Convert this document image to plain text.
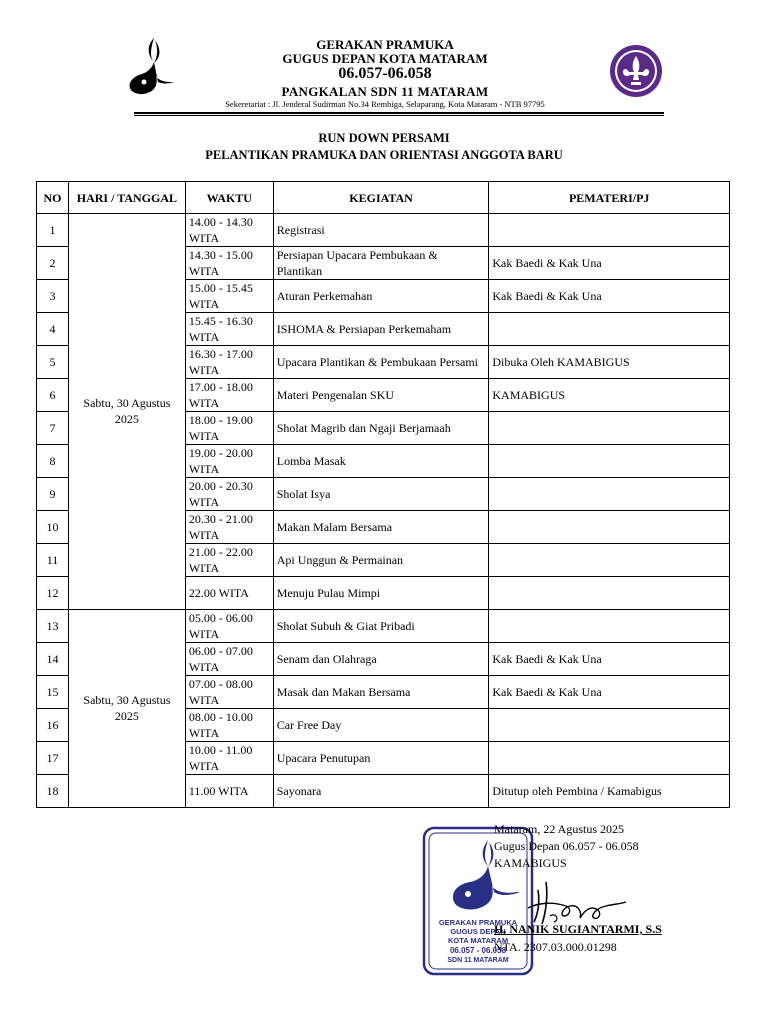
GERAKAN PRAMUKA
GUGUS DEPAN KOTA MATARAM
06.057-06.058
PANGKALAN SDN 11 MATARAM
Sekeretariat : Jl. Jenderal Sudirman No.34 Rembiga, Selaparang, Kota Mataram - NTB 97795
RUN DOWN PERSAMI
PELANTIKAN PRAMUKA DAN ORIENTASI ANGGOTA BARU
NO	HARI / TANGGAL	WAKTU	KEGIATAN	PEMATERI/PJ
1	Sabtu, 30 Agustus 2025	14.00 - 14.30 WITA	Registrasi	
2		14.30 - 15.00 WITA	Persiapan Upacara Pembukaan & Plantikan	Kak Baedi & Kak Una
3		15.00 - 15.45 WITA	Aturan Perkemahan	Kak Baedi & Kak Una
4		15.45 - 16.30 WITA	ISHOMA & Persiapan Perkemaham	
5		16.30 - 17.00 WITA	Upacara Plantikan & Pembukaan Persami	Dibuka Oleh KAMABIGUS
6		17.00 - 18.00 WITA	Materi Pengenalan SKU	KAMABIGUS
7		18.00 - 19.00 WITA	Sholat Magrib dan Ngaji Berjamaah	
8		19.00 - 20.00 WITA	Lomba Masak	
9		20.00 - 20.30 WITA	Sholat Isya	
10		20.30 - 21.00 WITA	Makan Malam Bersama	
11		21.00 - 22.00 WITA	Api Unggun & Permainan	
12		22.00 WITA	Menuju Pulau Mimpi	
13	Sabtu, 30 Agustus 2025	05.00 - 06.00 WITA	Sholat Subuh & Giat Pribadi	
14		06.00 - 07.00 WITA	Senam dan Olahraga	Kak Baedi & Kak Una
15		07.00 - 08.00 WITA	Masak dan Makan Bersama	Kak Baedi & Kak Una
16		08.00 - 10.00 WITA	Car Free Day	
17		10.00 - 11.00 WITA	Upacara Penutupan	
18		11.00 WITA	Sayonara	Ditutup oleh Pembina / Kamabigus
GERAKAN PRAMUKA
GUGUS DEPAN
KOTA MATARAM
06.057 - 06.058
SDN 11 MATARAM
Mataram, 22 Agustus 2025
Gugus Depan 06.057 - 06.058
KAMABIGUS
H. NANIK SUGIANTARMI, S.S
NTA. 2307.03.000.01298
